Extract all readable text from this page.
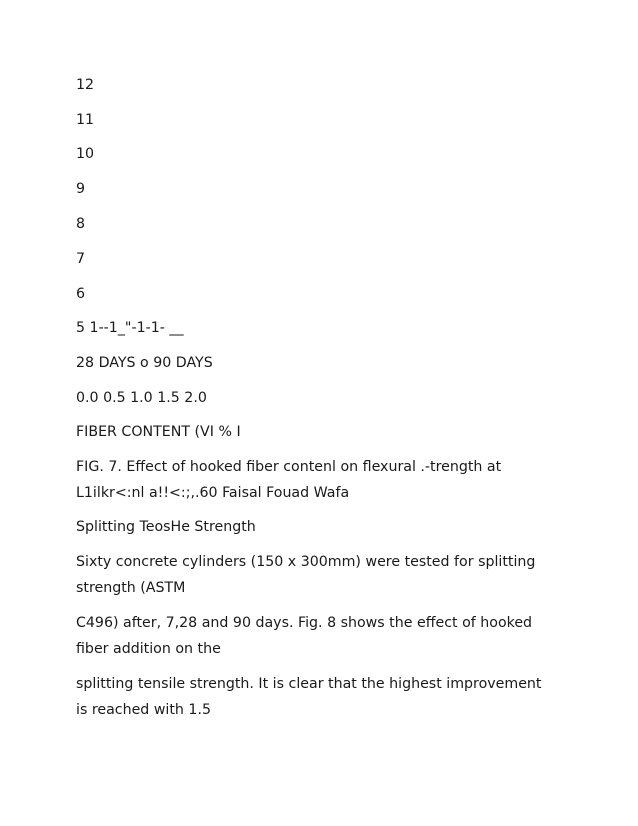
12

11

10

9

8

7

6

5 1--1_"-1-1- __

28 DAYS o 90 DAYS

0.0 0.5 1.0 1.5 2.0

FIBER CONTENT (VI % I

FIG. 7. Effect of hooked fiber contenl on flexural .-trength at

L1ilkr<:nl a!!<:;,.60 Faisal Fouad Wafa

Splitting TeosHe Strength

Sixty concrete cylinders (150 x 300mm) were tested for splitting

strength (ASTM

C496) after, 7,28 and 90 days. Fig. 8 shows the effect of hooked

fiber addition on the

splitting tensile strength. It is clear that the highest improvement

is reached with 1.5
